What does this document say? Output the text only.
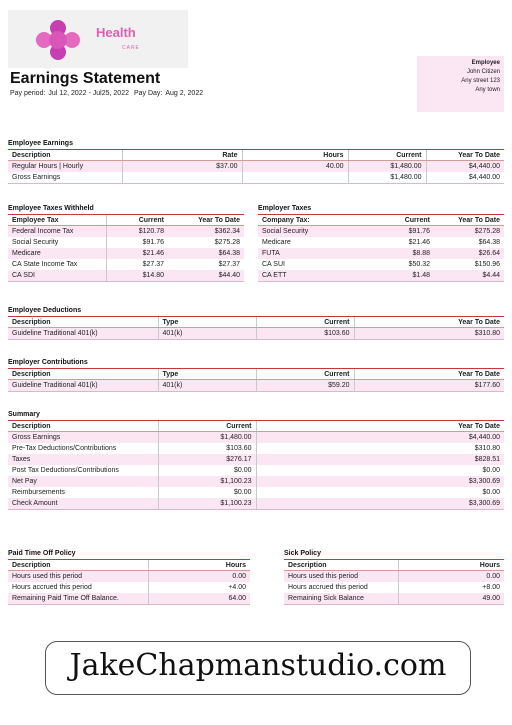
Health
CARE
Earnings Statement
Pay period: Jul 12, 2022 - Jul25, 2022 Pay Day: Aug 2, 2022
Employee
John Citizen
Any street 123
Any town
Employee Earnings
Description	Rate	Hours	Current	Year To Date
Regular Hours | Hourly	$37.00	40.00	$1,480.00	$4,440.00
Gross Earnings			$1,480.00	$4,440.00
Employee Taxes Withheld
Employee Tax	Current	Year To Date
Federal Income Tax	$120.78	$362.34
Social Security	$91.76	$275.28
Medicare	$21.46	$64.38
CA State Income Tax	$27.37	$27.37
CA SDI	$14.80	$44.40
Employer Taxes
Company Tax:	Current	Year To Date
Social Security	$91.76	$275.28
Medicare	$21.46	$64.38
FUTA	$8.88	$26.64
CA SUI	$50.32	$150.96
CA ETT	$1.48	$4.44
Employee Deductions
Description	Type	Current	Year To Date
Guideline Traditional 401(k)	401(k)	$103.60	$310.80
Employer Contributions
Description	Type	Current	Year To Date
Guideline Traditional 401(k)	401(k)	$59.20	$177.60
Summary
Description	Current	Year To Date
Gross Earnings	$1,480.00	$4,440.00
Pre-Tax Deductions/Contributions	$103.60	$310.80
Taxes	$276.17	$828.51
Post Tax Deductions/Contributions	$0.00	$0.00
Net Pay	$1,100.23	$3,300.69
Reimbursements	$0.00	$0.00
Check Amount	$1,100.23	$3,300.69
Paid Time Off Policy
Description	Hours
Hours used this period	0.00
Hours accrued this period	+4.00
Remaining Paid Time Off Balance.	64.00
Sick Policy
Description	Hours
Hours used this period	0.00
Hours accrued this period	+8.00
Remaining Sick Balance	49.00
JakeChapmanstudio.com
